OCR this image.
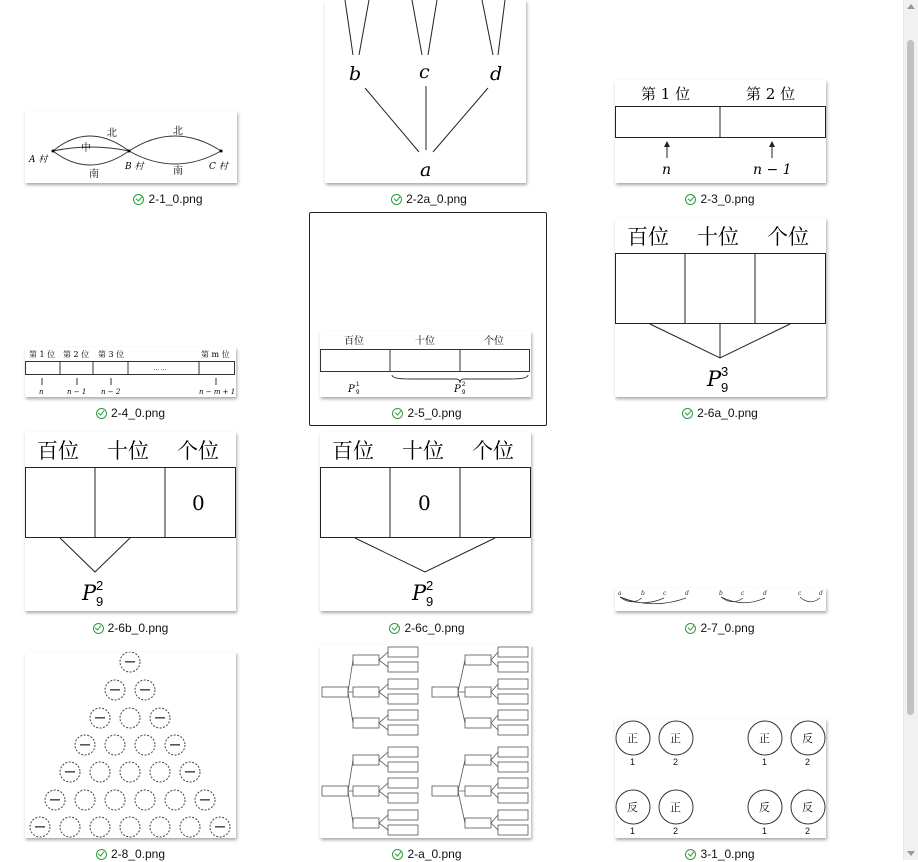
北
中
南
北
南
A 村
B 村	C 村
2-1_0.png
b	c	d
a
2-2a_0.png
第 1 位	第 2 位
n	n − 1
2-3_0.png
第 1 位 第 2 位 第 3 位	第 m 位
……
n	n − 1 n − 2	n − m + 1
2-4_0.png
百位	十位	个位
P 9
1	P 9
2
2-5_0.png
百位 十位 个位
P 9
3
2-6a_0.png
百位 十位 个位
0
P 9
2
2-6b_0.png
百位 十位 个位
0
P 9
2
2-6c_0.png
a	b	c	d	b	c	d	c	d
2-7_0.png
2-8_0.png	2-a_0.png
正	正	正	反
反	正	反	反
1	2	1	2
1	2	1	2
3-1_0.png
